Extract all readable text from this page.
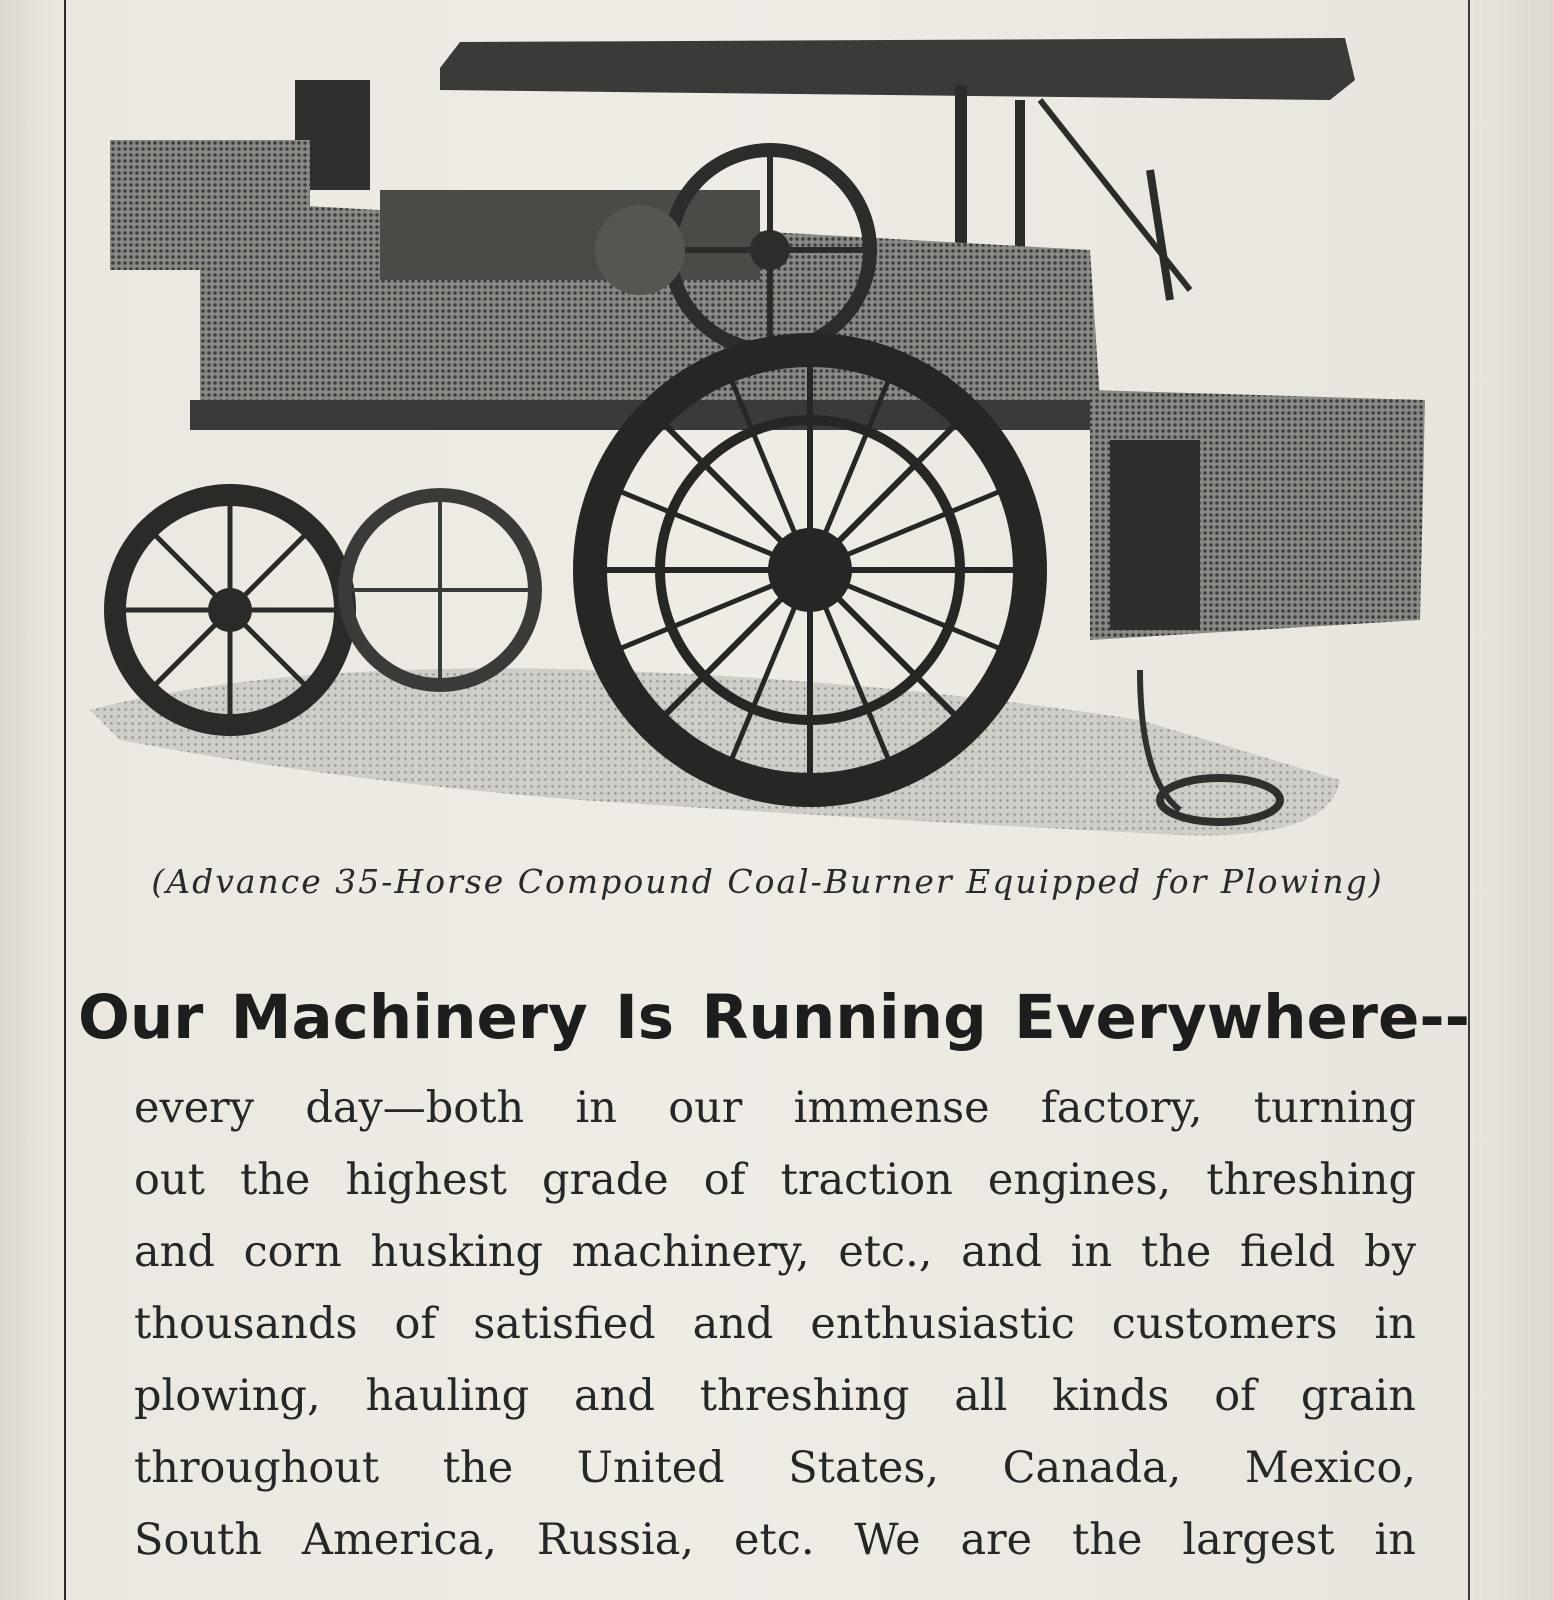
(Advance 35-Horse Compound Coal-Burner Equipped for Plowing)
Our Machinery Is Running Everywhere--
every day—both in our immense factory, turning
out the highest grade of traction engines, threshing
and corn husking machinery, etc., and in the field by
thousands of satisfied and enthusiastic customers in
plowing, hauling and threshing all kinds of grain
throughout the United States, Canada, Mexico,
South America, Russia, etc. We are the largest in
